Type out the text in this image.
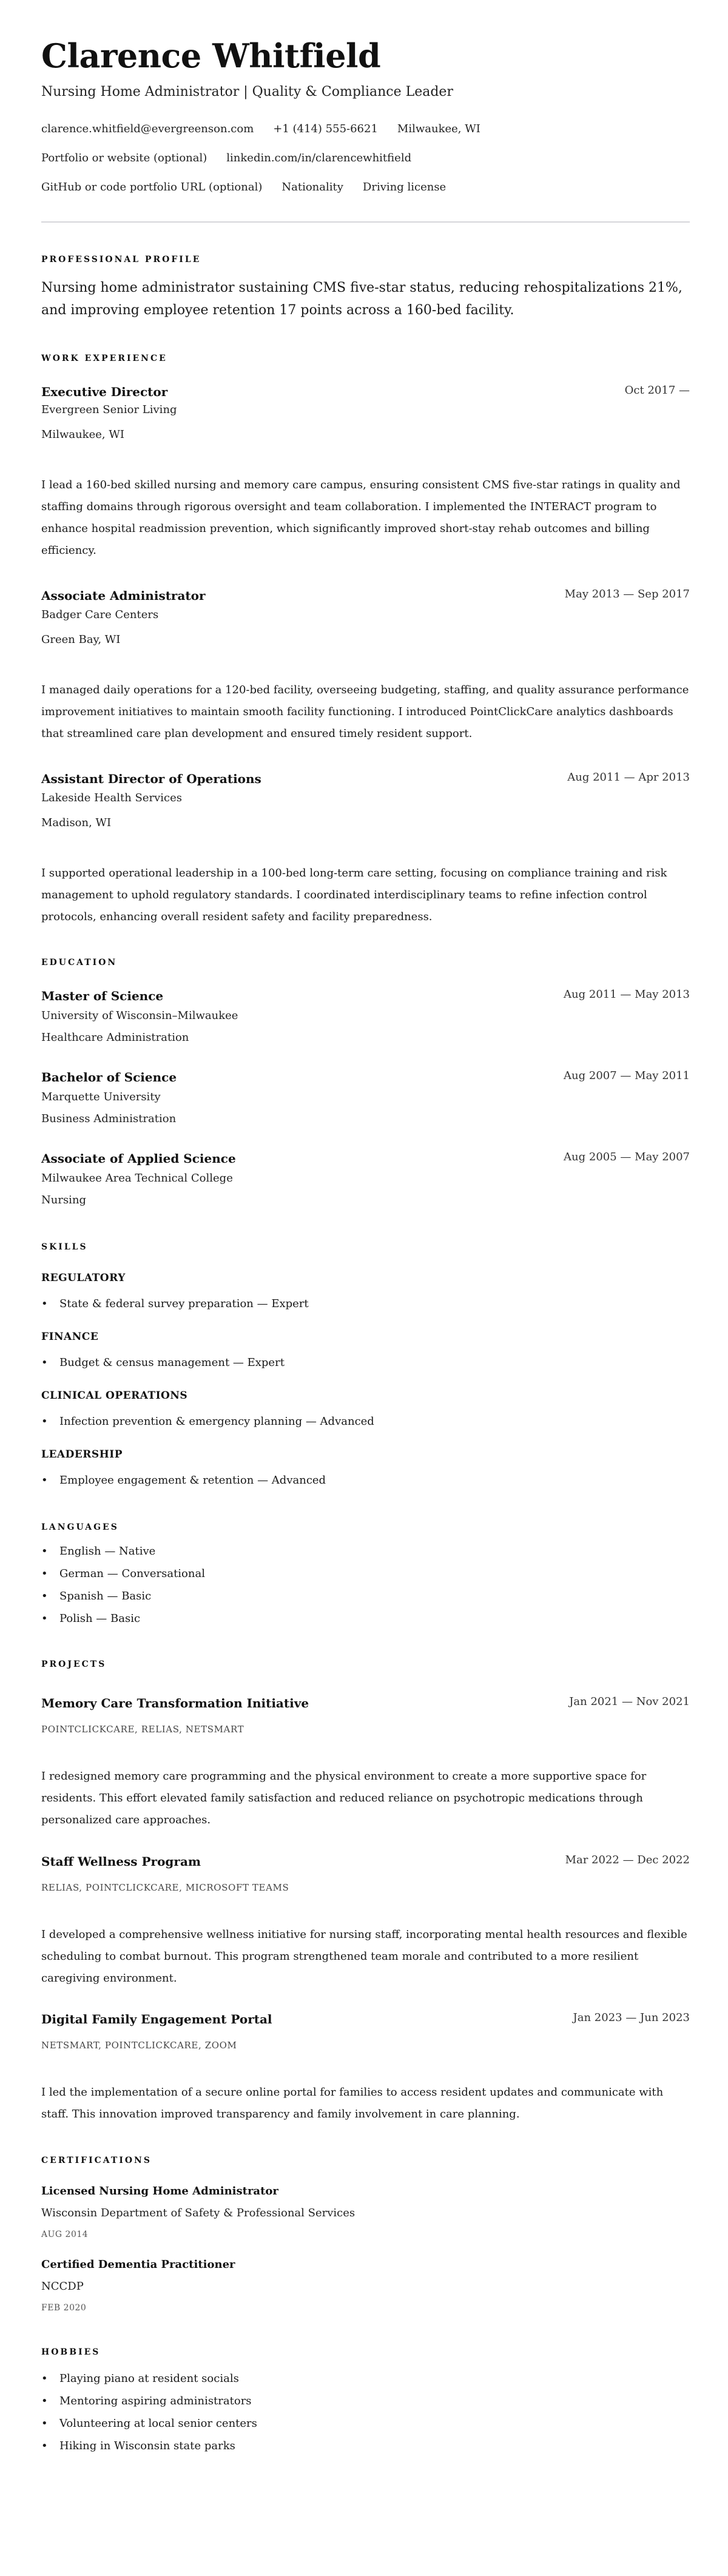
Clarence Whitfield
Nursing Home Administrator | Quality & Compliance Leader
clarence.whitfield@evergreenson.com +1 (414) 555-6621 Milwaukee, WI
Portfolio or website (optional) linkedin.com/in/clarencewhitfield
GitHub or code portfolio URL (optional) Nationality Driving license
PROFESSIONAL PROFILE
Nursing home administrator sustaining CMS five-star status, reducing rehospitalizations 21%, and improving employee retention 17 points across a 160-bed facility.
WORK EXPERIENCE
Executive Director	Oct 2017 —
Evergreen Senior Living
Milwaukee, WI
I lead a 160-bed skilled nursing and memory care campus, ensuring consistent CMS five-star ratings in quality and staffing domains through rigorous oversight and team collaboration. I implemented the INTERACT program to enhance hospital readmission prevention, which significantly improved short-stay rehab outcomes and billing efficiency.
Associate Administrator	May 2013 — Sep 2017
Badger Care Centers
Green Bay, WI
I managed daily operations for a 120-bed facility, overseeing budgeting, staffing, and quality assurance performance improvement initiatives to maintain smooth facility functioning. I introduced PointClickCare analytics dashboards that streamlined care plan development and ensured timely resident support.
Assistant Director of Operations	Aug 2011 — Apr 2013
Lakeside Health Services
Madison, WI
I supported operational leadership in a 100-bed long-term care setting, focusing on compliance training and risk management to uphold regulatory standards. I coordinated interdisciplinary teams to refine infection control protocols, enhancing overall resident safety and facility preparedness.
EDUCATION
Master of Science	Aug 2011 — May 2013
University of Wisconsin–Milwaukee
Healthcare Administration
Bachelor of Science	Aug 2007 — May 2011
Marquette University
Business Administration
Associate of Applied Science	Aug 2005 — May 2007
Milwaukee Area Technical College
Nursing
SKILLS
REGULATORY
• State & federal survey preparation — Expert
FINANCE
• Budget & census management — Expert
CLINICAL OPERATIONS
• Infection prevention & emergency planning — Advanced
LEADERSHIP
• Employee engagement & retention — Advanced
LANGUAGES
• English — Native
• German — Conversational
• Spanish — Basic
• Polish — Basic
PROJECTS
Memory Care Transformation Initiative	Jan 2021 — Nov 2021
POINTCLICKCARE, RELIAS, NETSMART
I redesigned memory care programming and the physical environment to create a more supportive space for residents. This effort elevated family satisfaction and reduced reliance on psychotropic medications through personalized care approaches.
Staff Wellness Program	Mar 2022 — Dec 2022
RELIAS, POINTCLICKCARE, MICROSOFT TEAMS
I developed a comprehensive wellness initiative for nursing staff, incorporating mental health resources and flexible scheduling to combat burnout. This program strengthened team morale and contributed to a more resilient caregiving environment.
Digital Family Engagement Portal	Jan 2023 — Jun 2023
NETSMART, POINTCLICKCARE, ZOOM
I led the implementation of a secure online portal for families to access resident updates and communicate with staff. This innovation improved transparency and family involvement in care planning.
CERTIFICATIONS
Licensed Nursing Home Administrator
Wisconsin Department of Safety & Professional Services
AUG 2014
Certified Dementia Practitioner
NCCDP
FEB 2020
HOBBIES
• Playing piano at resident socials
• Mentoring aspiring administrators
• Volunteering at local senior centers
• Hiking in Wisconsin state parks
